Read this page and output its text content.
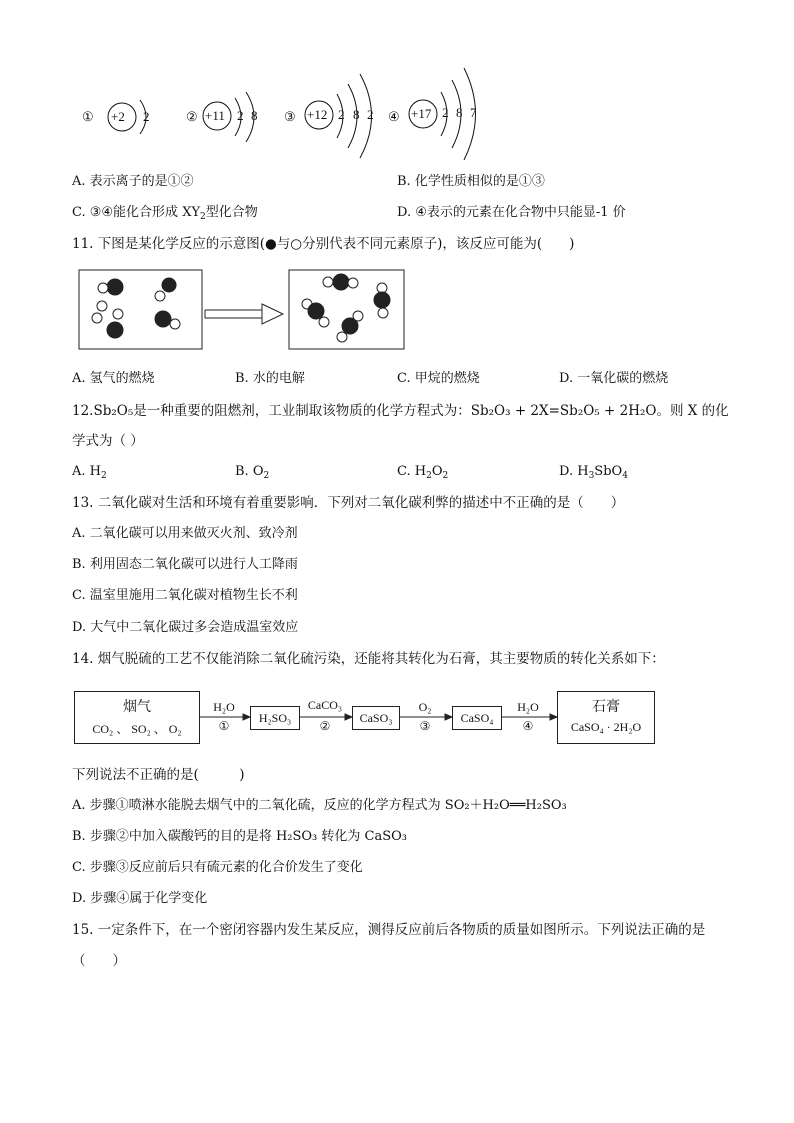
① +2 2	② +11 2 8 ③ +12 2 8 2 ④ +17 2 8 7
A. 表示离子的是①②	B. 化学性质相似的是①③
C. ③④能化合形成 $XY_2$型化合物	D. ④表示的元素在化合物中只能显-1 价
11. 下图是某化学反应的示意图(●与○分别代表不同元素原子)，该反应可能为(　　)
A. 氢气的燃烧	B. 水的电解	C. 甲烷的燃烧	D. 一氧化碳的燃烧
12.Sb₂O₅是一种重要的阻燃剂，工业制取该物质的化学方程式为：Sb₂O₃ + 2X=Sb₂O₅ + 2H₂O。则 X 的化
学式为（ ）
A. $H_2$	B. $O_2$	C. $H_2O_2$	D. $H_3SbO_4$
13. 二氧化碳对生活和环境有着重要影响．下列对二氧化碳利弊的描述中不正确的是（　　）
A. 二氧化碳可以用来做灭火剂、致冷剂
B. 利用固态二氧化碳可以进行人工降雨
C. 温室里施用二氧化碳对植物生长不利
D. 大气中二氧化碳过多会造成温室效应
14. 烟气脱硫的工艺不仅能消除二氧化硫污染，还能将其转化为石膏，其主要物质的转化关系如下：
烟气
CO₂ 、 SO₂ 、 O₂
H₂O
①
H₂SO₃
CaCO₃
②
CaSO₃
O₂
③
CaSO₄
H₂O
④
石膏
CaSO₄ · 2H₂O
下列说法不正确的是(　　　)
A. 步骤①喷淋水能脱去烟气中的二氧化硫，反应的化学方程式为 SO₂＋H₂O══H₂SO₃
B. 步骤②中加入碳酸钙的目的是将 H₂SO₃ 转化为 CaSO₃
C. 步骤③反应前后只有硫元素的化合价发生了变化
D. 步骤④属于化学变化
15. 一定条件下，在一个密闭容器内发生某反应，测得反应前后各物质的质量如图所示。下列说法正确的是
（　　）
